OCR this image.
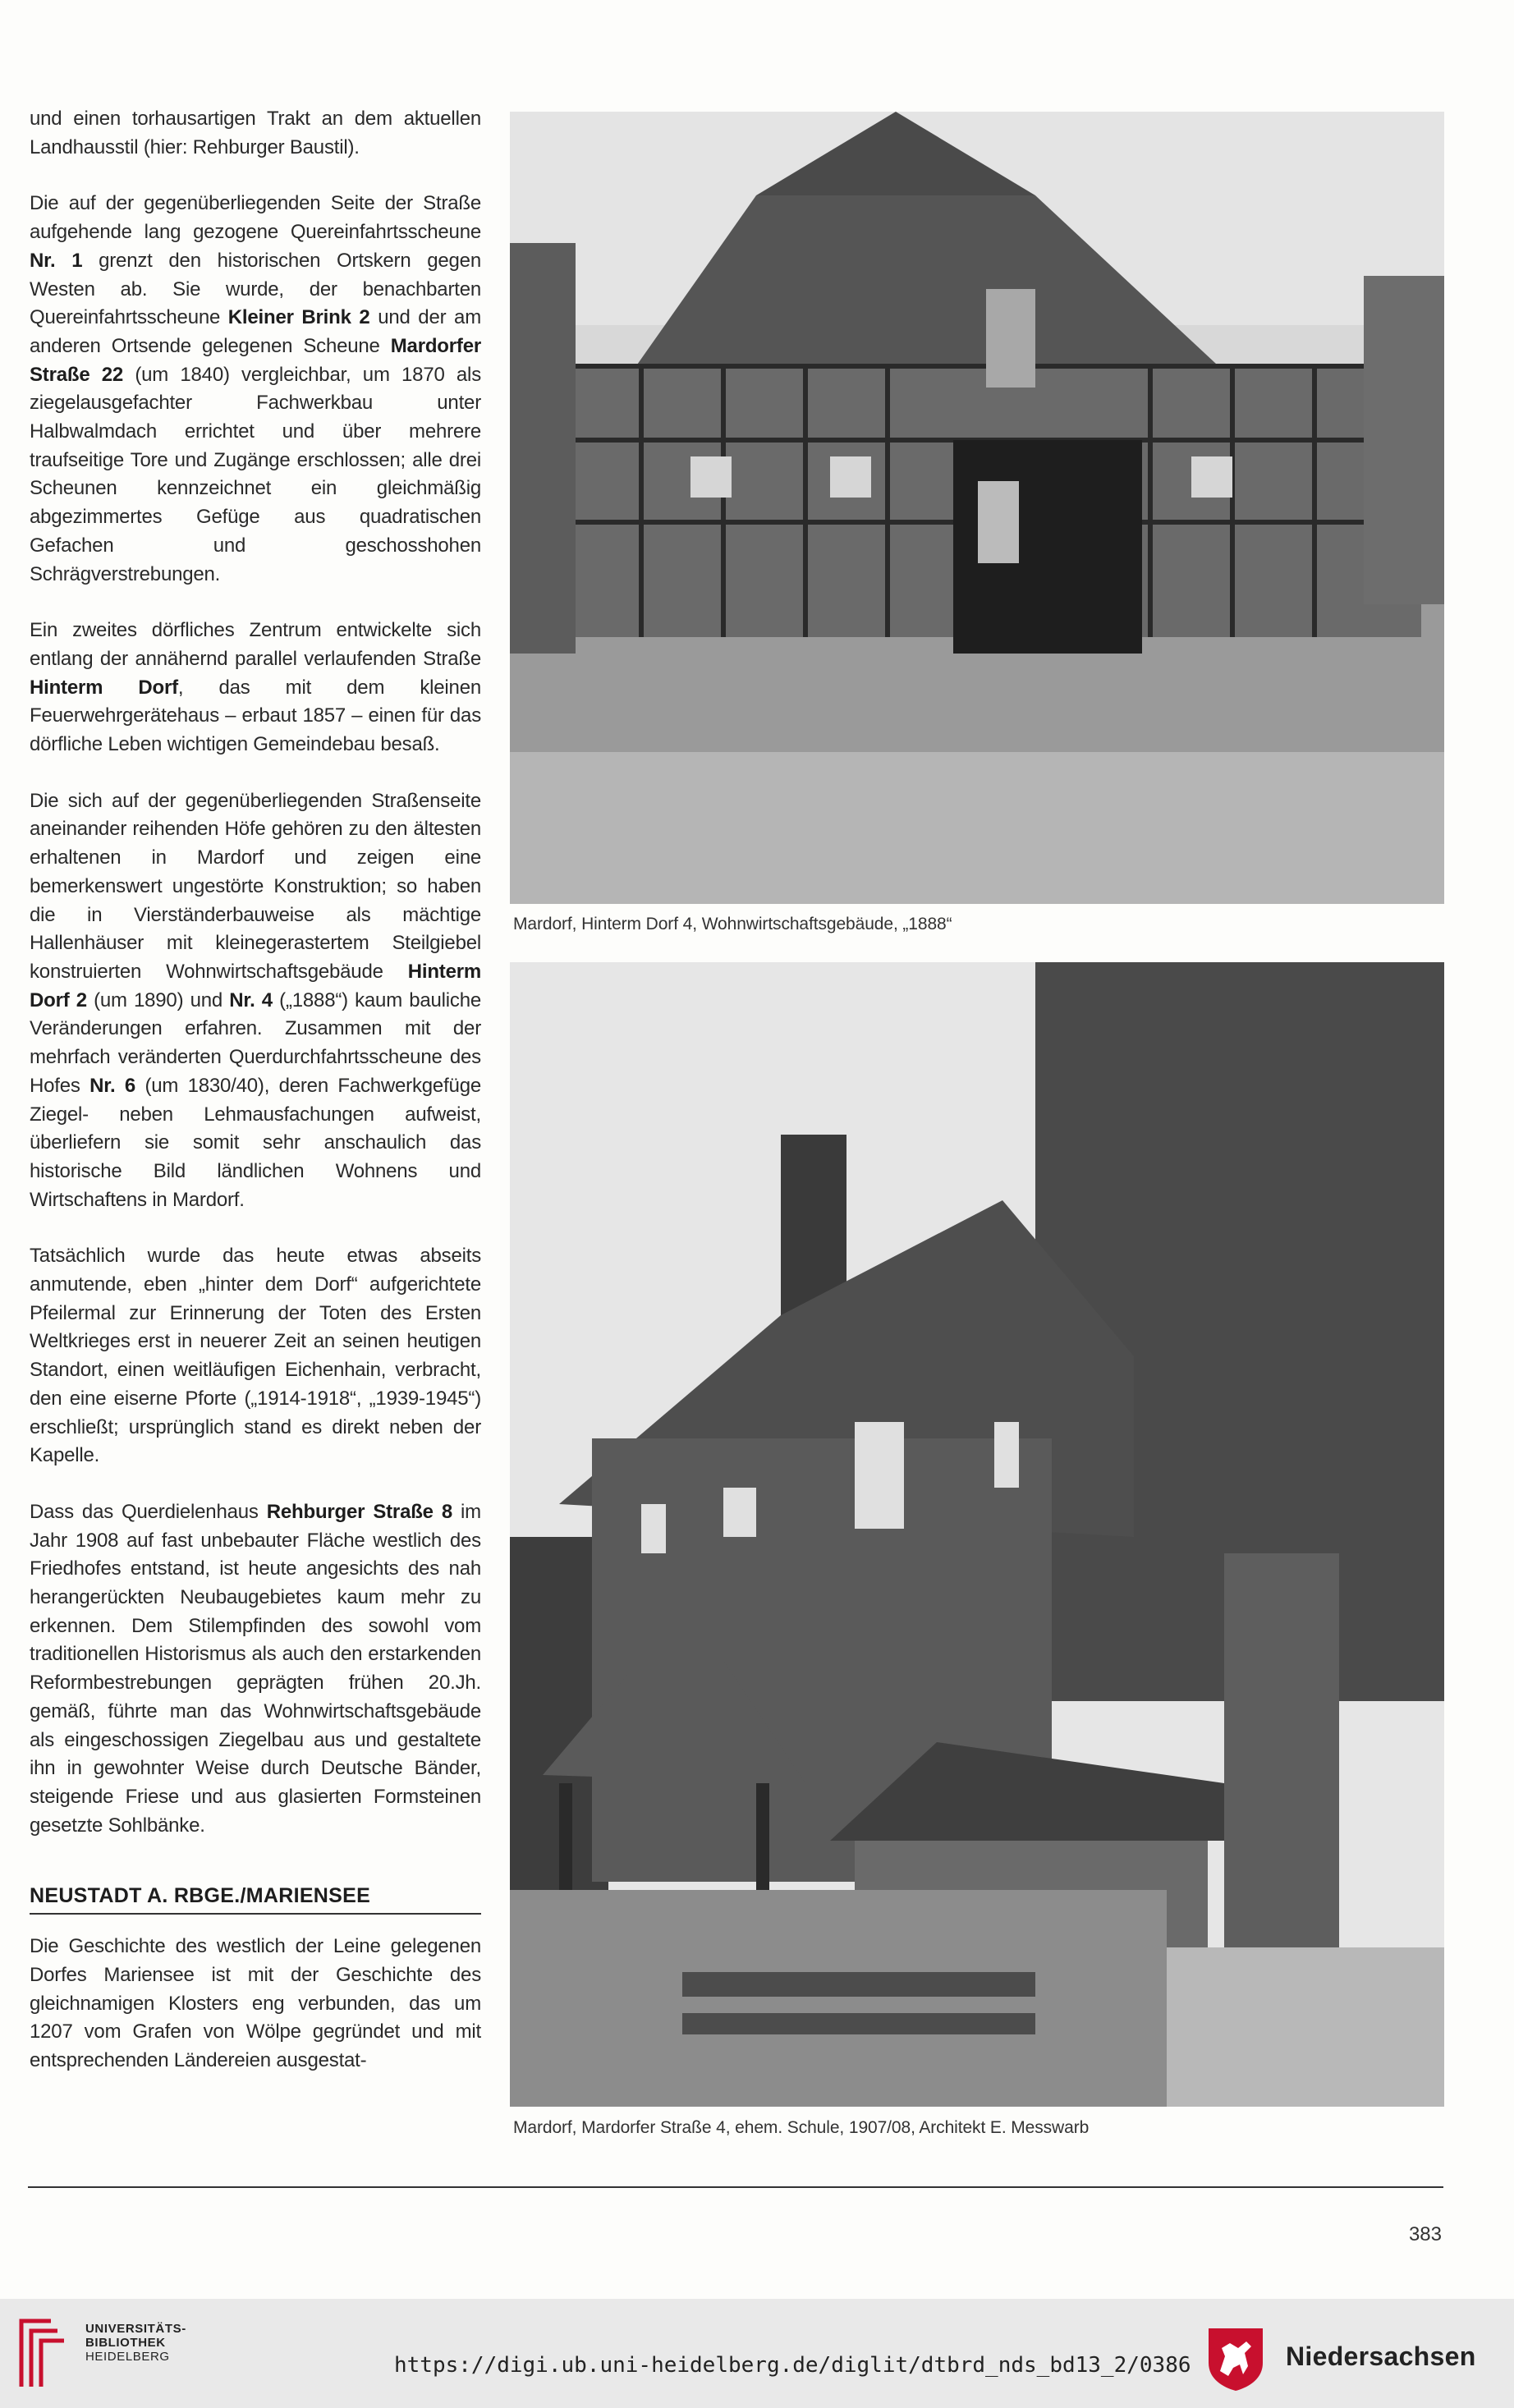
und einen torhausartigen Trakt an dem aktuellen Landhausstil (hier: Rehburger Baustil).

Die auf der gegenüberliegenden Seite der Straße aufgehende lang gezogene Quereinfahrtsscheune Nr. 1 grenzt den historischen Ortskern gegen Westen ab. Sie wurde, der benachbarten Quereinfahrtsscheune Kleiner Brink 2 und der am anderen Ortsende gelegenen Scheune Mardorfer Straße 22 (um 1840) vergleichbar, um 1870 als ziegelausgefachter Fachwerkbau unter Halbwalmdach errichtet und über mehrere traufseitige Tore und Zugänge erschlossen; alle drei Scheunen kennzeichnet ein gleichmäßig abgezimmertes Gefüge aus quadratischen Gefachen und geschosshohen Schrägverstrebungen.

Ein zweites dörfliches Zentrum entwickelte sich entlang der annähernd parallel verlaufenden Straße Hinterm Dorf, das mit dem kleinen Feuerwehrgerätehaus – erbaut 1857 – einen für das dörfliche Leben wichtigen Gemeindebau besaß.

Die sich auf der gegenüberliegenden Straßenseite aneinander reihenden Höfe gehören zu den ältesten erhaltenen in Mardorf und zeigen eine bemerkenswert ungestörte Konstruktion; so haben die in Vierständerbauweise als mächtige Hallenhäuser mit kleinegerastertem Steilgiebel konstruierten Wohnwirtschaftsgebäude Hinterm Dorf 2 (um 1890) und Nr. 4 („1888“) kaum bauliche Veränderungen erfahren. Zusammen mit der mehrfach veränderten Querdurchfahrtsscheune des Hofes Nr. 6 (um 1830/40), deren Fachwerkgefüge Ziegel- neben Lehmausfachungen aufweist, überliefern sie somit sehr anschaulich das historische Bild ländlichen Wohnens und Wirtschaftens in Mardorf.

Tatsächlich wurde das heute etwas abseits anmutende, eben „hinter dem Dorf“ aufgerichtete Pfeilermal zur Erinnerung der Toten des Ersten Weltkrieges erst in neuerer Zeit an seinen heutigen Standort, einen weitläufigen Eichenhain, verbracht, den eine eiserne Pforte („1914-1918“, „1939-1945“) erschließt; ursprünglich stand es direkt neben der Kapelle.

Dass das Querdielenhaus Rehburger Straße 8 im Jahr 1908 auf fast unbebauter Fläche westlich des Friedhofes entstand, ist heute angesichts des nah herangerückten Neubaugebietes kaum mehr zu erkennen. Dem Stilempfinden des sowohl vom traditionellen Historismus als auch den erstarkenden Reformbestrebungen geprägten frühen 20.Jh. gemäß, führte man das Wohnwirtschaftsgebäude als eingeschossigen Ziegelbau aus und gestaltete ihn in gewohnter Weise durch Deutsche Bänder, steigende Friese und aus glasierten Formsteinen gesetzte Sohlbänke.

NEUSTADT A. RBGE./MARIENSEE

Die Geschichte des westlich der Leine gelegenen Dorfes Mariensee ist mit der Geschichte des gleichnamigen Klosters eng verbunden, das um 1207 vom Grafen von Wölpe gegründet und mit entsprechenden Ländereien ausgestat-

Mardorf, Hinterm Dorf 4, Wohnwirtschaftsgebäude, „1888“
Mardorf, Mardorfer Straße 4, ehem. Schule, 1907/08, Architekt E. Messwarb
383
UNIVERSITÄTS-
BIBLIOTHEK
HEIDELBERG	https://digi.ub.uni-heidelberg.de/diglit/dtbrd_nds_bd13_2/0386	Niedersachsen
